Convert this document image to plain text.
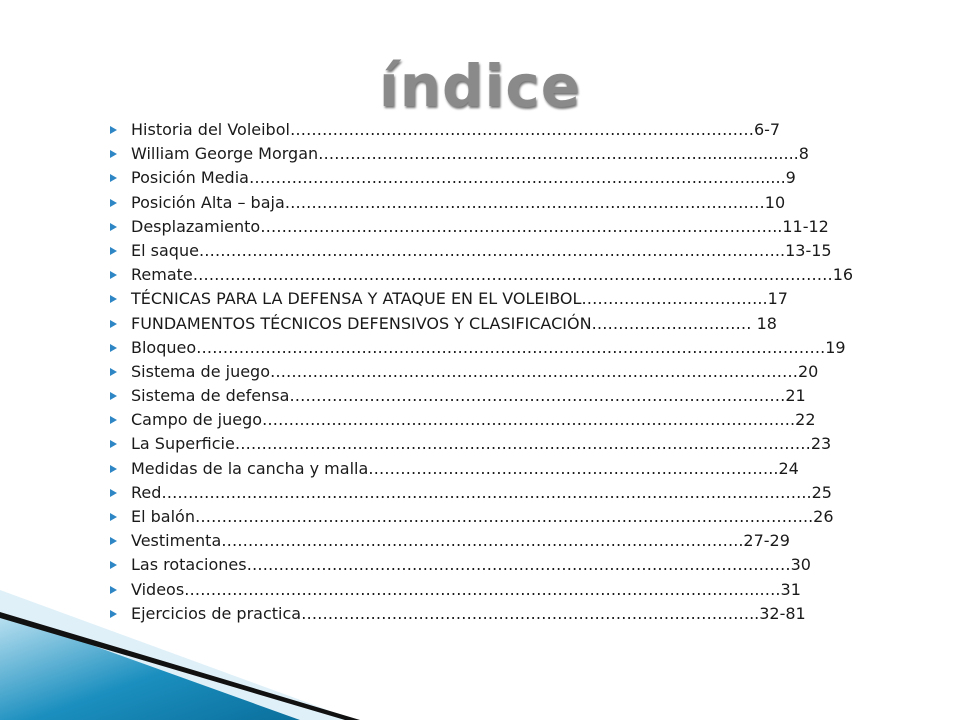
índice
Historia del Voleibol……………………………………………………………………………6-7
William George Morgan………………………………………………………………...................8
Posición Media…………………………………………………………………………………........9
Posición Alta – baja………………………………………………………………………………10
Desplazamiento……………………………………………………………………………………..11-12
El saque………………………………………………………………………………………………..13-15
Remate…………………………………………………………………………………………………………16
TÉCNICAS PARA LA DEFENSA Y ATAQUE EN EL VOLEIBOL……………………………..17
FUNDAMENTOS TÉCNICOS DEFENSIVOS Y CLASIFICACIÓN………………………… 18
Bloqueo……………………………………………………………………………………………………….19
Sistema de juego………………………………………………………………………………………20
Sistema de defensa…………………………………………………………………………………21
Campo de juego……………………………………………………………………………………….22
La Superficie………………………………………………………………………………………………23
Medidas de la cancha y malla…………………………………………………………………..24
Red…………………………………………………………………………………………………………..25
El balón……………………………………………………………………………………………………..26
Vestimenta……………………………………………………………………………………..27-29
Las rotaciones…………………………………………………………………………………………30
Videos……………………………………………………………………………………………...….31
Ejercicios de practica…………………………………………………………………………..32-81
